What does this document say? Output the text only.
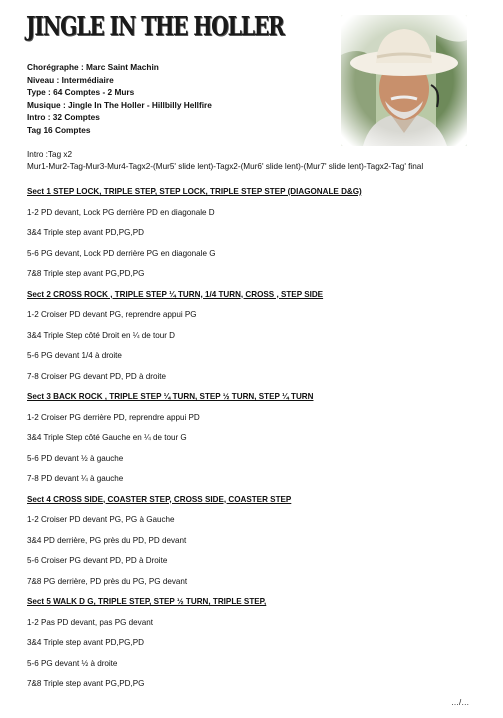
JINGLE IN THE HOLLER
Chorégraphe : Marc Saint Machin
Niveau : Intermédiaire
Type : 64 Comptes - 2 Murs
Musique : Jingle In The Holler - Hillbilly Hellfire
Intro : 32 Comptes
Tag 16 Comptes
Intro :Tag x2
Mur1-Mur2-Tag-Mur3-Mur4-Tagx2-(Mur5' slide lent)-Tagx2-(Mur6' slide lent)-(Mur7' slide lent)-Tagx2-Tag' final
Sect 1 STEP LOCK, TRIPLE STEP, STEP LOCK, TRIPLE STEP STEP (DIAGONALE D&G)
1-2 PD devant, Lock PG derrière PD en diagonale D
3&4 Triple step avant PD,PG,PD
5-6 PG devant, Lock PD derrière PG en diagonale G
7&8 Triple step avant PG,PD,PG
Sect 2 CROSS ROCK , TRIPLE STEP ¼ TURN, 1/4 TURN, CROSS , STEP SIDE
1-2 Croiser PD devant PG, reprendre appui PG
3&4 Triple Step côté Droit en ¼ de tour D
5-6 PG devant 1/4 à droite
7-8 Croiser PG devant PD, PD à droite
Sect 3 BACK ROCK , TRIPLE STEP ¼ TURN, STEP ½ TURN, STEP ¼ TURN
1-2 Croiser PG derrière PD, reprendre appui PD
3&4 Triple Step côté Gauche en ¼ de tour G
5-6 PD devant ½ à gauche
7-8 PD devant ¼ à gauche
Sect 4 CROSS SIDE, COASTER STEP, CROSS SIDE, COASTER STEP
1-2 Croiser PD devant PG, PG à Gauche
3&4 PD derrière, PG près du PD, PD devant
5-6 Croiser PG devant PD, PD à Droite
7&8 PG derrière, PD près du PG, PG devant
Sect 5 WALK D G, TRIPLE STEP, STEP ½ TURN, TRIPLE STEP,
1-2 Pas PD devant, pas PG devant
3&4 Triple step avant PD,PG,PD
5-6 PG devant ½ à droite
7&8 Triple step avant PG,PD,PG
…/…
